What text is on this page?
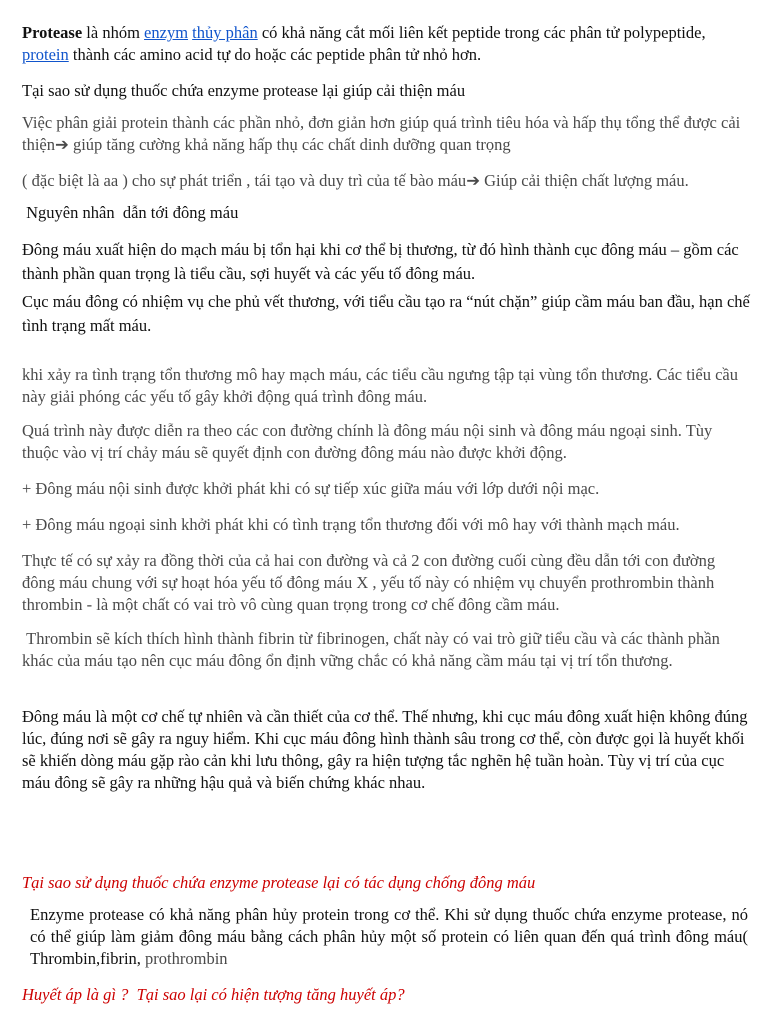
Protease là nhóm enzym thủy phân có khả năng cắt mối liên kết peptide trong các phân tử polypeptide, protein thành các amino acid tự do hoặc các peptide phân tử nhỏ hơn.

Tại sao sử dụng thuốc chứa enzyme protease lại giúp cải thiện máu

Việc phân giải protein thành các phần nhỏ, đơn giản hơn giúp quá trình tiêu hóa và hấp thụ tổng thể được cải thiện➔ giúp tăng cường khả năng hấp thụ các chất dinh dưỡng quan trọng

( đặc biệt là aa ) cho sự phát triển , tái tạo và duy trì của tế bào máu➔ Giúp cải thiện chất lượng máu.

Nguyên nhân  dẫn tới đông máu

Đông máu xuất hiện do mạch máu bị tổn hại khi cơ thể bị thương, từ đó hình thành cục đông máu – gồm các thành phần quan trọng là tiểu cầu, sợi huyết và các yếu tố đông máu.

Cục máu đông có nhiệm vụ che phủ vết thương, với tiểu cầu tạo ra “nút chặn” giúp cầm máu ban đầu, hạn chế tình trạng mất máu.

khi xảy ra tình trạng tổn thương mô hay mạch máu, các tiểu cầu ngưng tập tại vùng tổn thương. Các tiểu cầu này giải phóng các yếu tố gây khởi động quá trình đông máu.

Quá trình này được diễn ra theo các con đường chính là đông máu nội sinh và đông máu ngoại sinh. Tùy thuộc vào vị trí chảy máu sẽ quyết định con đường đông máu nào được khởi động.

+ Đông máu nội sinh được khởi phát khi có sự tiếp xúc giữa máu với lớp dưới nội mạc.

+ Đông máu ngoại sinh khởi phát khi có tình trạng tổn thương đối với mô hay với thành mạch máu.

Thực tế có sự xảy ra đồng thời của cả hai con đường và cả 2 con đường cuối cùng đều dẫn tới con đường đông máu chung với sự hoạt hóa yếu tố đông máu X , yếu tố này có nhiệm vụ chuyển prothrombin thành thrombin - là một chất có vai trò vô cùng quan trọng trong cơ chế đông cầm máu.

Thrombin sẽ kích thích hình thành fibrin từ fibrinogen, chất này có vai trò giữ tiểu cầu và các thành phần khác của máu tạo nên cục máu đông ổn định vững chắc có khả năng cầm máu tại vị trí tổn thương.

Đông máu là một cơ chế tự nhiên và cần thiết của cơ thể. Thế nhưng, khi cục máu đông xuất hiện không đúng lúc, đúng nơi sẽ gây ra nguy hiểm. Khi cục máu đông hình thành sâu trong cơ thể, còn được gọi là huyết khối sẽ khiến dòng máu gặp rào cản khi lưu thông, gây ra hiện tượng tắc nghẽn hệ tuần hoàn. Tùy vị trí của cục máu đông sẽ gây ra những hậu quả và biến chứng khác nhau.

Tại sao sử dụng thuốc chứa enzyme protease lại có tác dụng chống đông máu

Enzyme protease có khả năng phân hủy protein trong cơ thể. Khi sử dụng thuốc chứa enzyme protease, nó có thể giúp làm giảm đông máu bằng cách phân hủy một số protein có liên quan đến quá trình đông máu( Thrombin,fibrin, prothrombin

Huyết áp là gì ?  Tại sao lại có hiện tượng tăng huyết áp?
